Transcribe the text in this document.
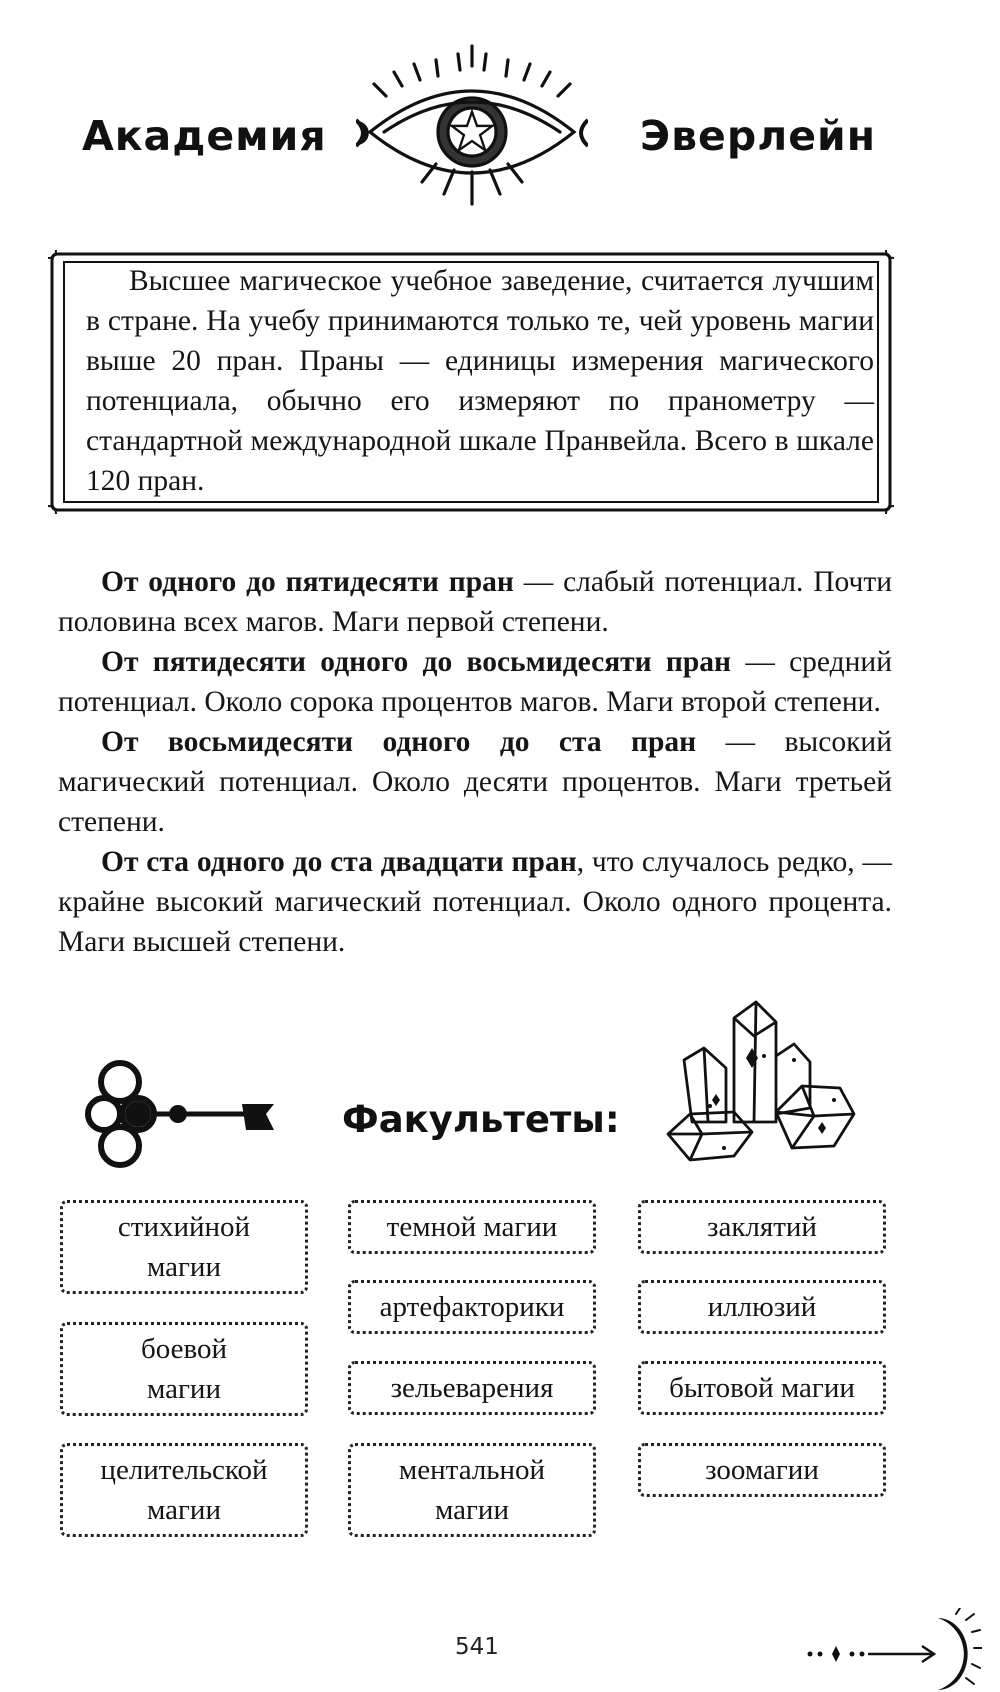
Академия	Эверлейн

Высшее магическое учебное заведение, считается лучшим в стране. На учебу принимаются только те, чей уровень магии выше 20 пран. Праны — единицы измерения магического потенциала, обычно его измеряют по пранометру — стандартной международной шкале Пранвейла. Всего в шкале 120 пран.

От одного до пятидесяти пран — слабый потенциал. Почти половина всех магов. Маги первой степени.

От пятидесяти одного до восьмидесяти пран — средний потенциал. Около сорока процентов магов. Маги второй степени.

От восьмидесяти одного до ста пран — высокий магический потенциал. Около десяти процентов. Маги третьей степени.

От ста одного до ста двадцати пран, что случалось редко, — крайне высокий магический потенциал. Около одного процента. Маги высшей степени.

Факультеты:
стихийной
магии
боевой
магии
целительской
магии
темной магии
артефакторики
зельеварения
ментальной
магии
заклятий
иллюзий
бытовой магии
зоомагии

541
